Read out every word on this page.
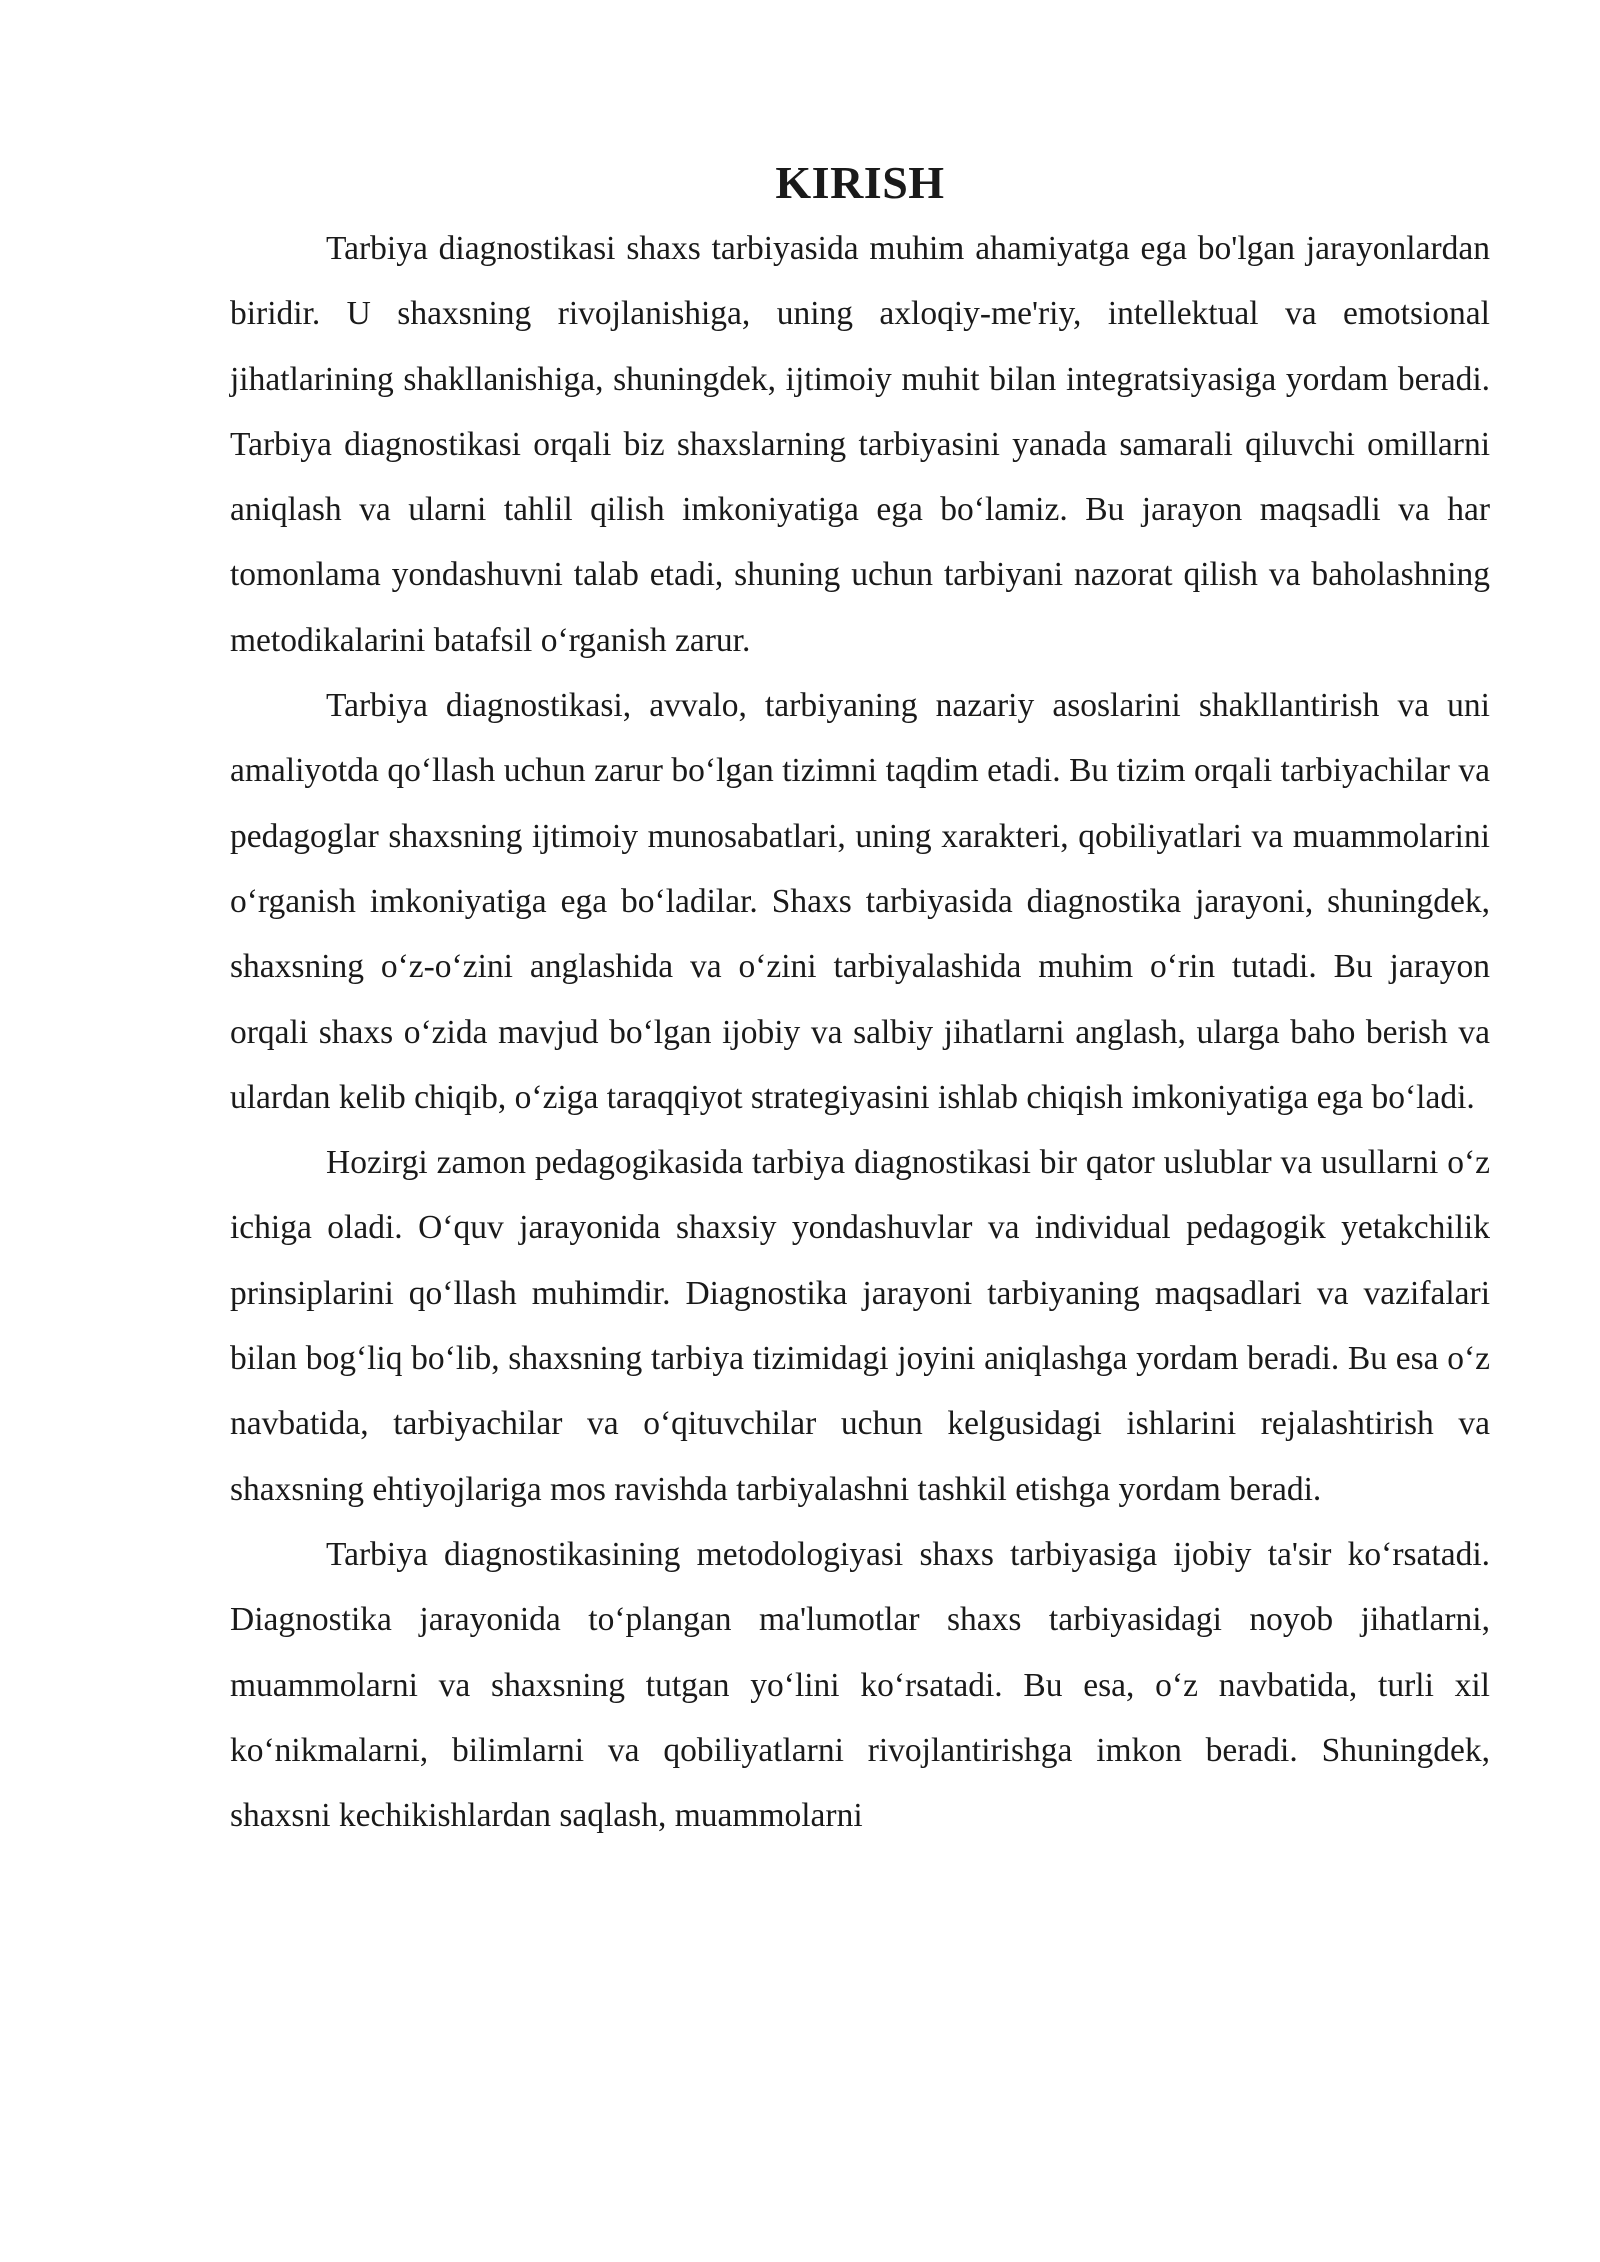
KIRISH

Tarbiya diagnostikasi shaxs tarbiyasida muhim ahamiyatga ega bo'lgan jarayonlardan biridir. U shaxsning rivojlanishiga, uning axloqiy-me'riy, intellektual va emotsional jihatlarining shakllanishiga, shuningdek, ijtimoiy muhit bilan integratsiyasiga yordam beradi. Tarbiya diagnostikasi orqali biz shaxslarning tarbiyasini yanada samarali qiluvchi omillarni aniqlash va ularni tahlil qilish imkoniyatiga ega bo‘lamiz. Bu jarayon maqsadli va har tomonlama yondashuvni talab etadi, shuning uchun tarbiyani nazorat qilish va baholashning metodikalarini batafsil o‘rganish zarur.

Tarbiya diagnostikasi, avvalo, tarbiyaning nazariy asoslarini shakllantirish va uni amaliyotda qo‘llash uchun zarur bo‘lgan tizimni taqdim etadi. Bu tizim orqali tarbiyachilar va pedagoglar shaxsning ijtimoiy munosabatlari, uning xarakteri, qobiliyatlari va muammolarini o‘rganish imkoniyatiga ega bo‘ladilar. Shaxs tarbiyasida diagnostika jarayoni, shuningdek, shaxsning o‘z-o‘zini anglashida va o‘zini tarbiyalashida muhim o‘rin tutadi. Bu jarayon orqali shaxs o‘zida mavjud bo‘lgan ijobiy va salbiy jihatlarni anglash, ularga baho berish va ulardan kelib chiqib, o‘ziga taraqqiyot strategiyasini ishlab chiqish imkoniyatiga ega bo‘ladi.

Hozirgi zamon pedagogikasida tarbiya diagnostikasi bir qator uslublar va usullarni o‘z ichiga oladi. O‘quv jarayonida shaxsiy yondashuvlar va individual pedagogik yetakchilik prinsiplarini qo‘llash muhimdir. Diagnostika jarayoni tarbiyaning maqsadlari va vazifalari bilan bog‘liq bo‘lib, shaxsning tarbiya tizimidagi joyini aniqlashga yordam beradi. Bu esa o‘z navbatida, tarbiyachilar va o‘qituvchilar uchun kelgusidagi ishlarini rejalashtirish va shaxsning ehtiyojlariga mos ravishda tarbiyalashni tashkil etishga yordam beradi.

Tarbiya diagnostikasining metodologiyasi shaxs tarbiyasiga ijobiy ta'sir ko‘rsatadi. Diagnostika jarayonida to‘plangan ma'lumotlar shaxs tarbiyasidagi noyob jihatlarni, muammolarni va shaxsning tutgan yo‘lini ko‘rsatadi. Bu esa, o‘z navbatida, turli xil ko‘nikmalarni, bilimlarni va qobiliyatlarni rivojlantirishga imkon beradi. Shuningdek, shaxsni kechikishlardan saqlash, muammolarni
